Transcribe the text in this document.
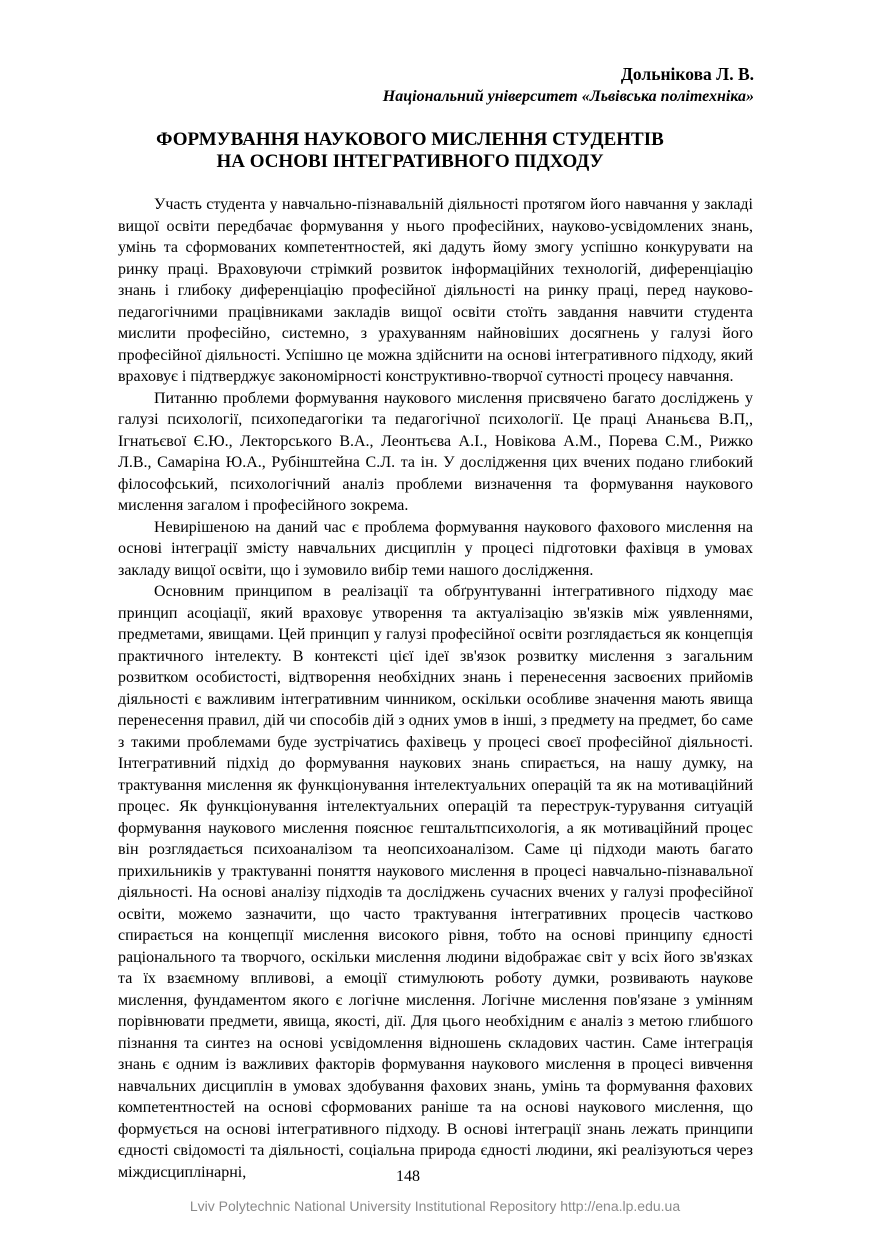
Дольнікова Л. В.
Національний університет «Львівська політехніка»
ФОРМУВАННЯ НАУКОВОГО МИСЛЕННЯ СТУДЕНТІВ
НА ОСНОВІ ІНТЕГРАТИВНОГО ПІДХОДУ

Участь студента у навчально-пізнавальній діяльності протягом його навчання у закладі вищої освіти передбачає формування у нього професійних, науково-усвідомлених знань, умінь та сформованих компетентностей, які дадуть йому змогу успішно конкурувати на ринку праці. Враховуючи стрімкий розвиток інформаційних технологій, диференціацію знань і глибоку диференціацію професійної діяльності на ринку праці, перед науково-педагогічними працівниками закладів вищої освіти стоїть завдання навчити студента мислити професійно, системно, з урахуванням найновіших досягнень у галузі його професійної діяльності. Успішно це можна здійснити на основі інтегративного підходу, який враховує і підтверджує закономірності конструктивно-творчої сутності процесу навчання.

Питанню проблеми формування наукового мислення присвячено багато досліджень у галузі психології, психопедагогіки та педагогічної психології. Це праці Ананьєва В.П,, Ігнатьєвої Є.Ю., Лекторського В.А., Леонтьєва А.І., Новікова А.М., Порева С.М., Рижко Л.В., Самаріна Ю.А., Рубінштейна С.Л. та ін. У дослідження цих вчених подано глибокий філософський, психологічний аналіз проблеми визначення та формування наукового мислення загалом і професійного зокрема.

Невирішеною на даний час є проблема формування наукового фахового мислення на основі інтеграції змісту навчальних дисциплін у процесі підготовки фахівця в умовах закладу вищої освіти, що і зумовило вибір теми нашого дослідження.

Основним принципом в реалізації та обґрунтуванні інтегративного підходу має принцип асоціації, який враховує утворення та актуалізацію зв'язків між уявленнями, предметами, явищами. Цей принцип у галузі професійної освіти розглядається як концепція практичного інтелекту. В контексті цієї ідеї зв'язок розвитку мислення з загальним розвитком особистості, відтворення необхідних знань і перенесення засвоєних прийомів діяльності є важливим інтегративним чинником, оскільки особливе значення мають явища перенесення правил, дій чи способів дій з одних умов в інші, з предмету на предмет, бо саме з такими проблемами буде зустрічатись фахівець у процесі своєї професійної діяльності. Інтегративний підхід до формування наукових знань спирається, на нашу думку, на трактування мислення як функціонування інтелектуальних операцій та як на мотиваційний процес. Як функціонування інтелектуальних операцій та переструк-турування ситуацій формування наукового мислення пояснює гештальтпсихологія, а як мотиваційний процес він розглядається психоаналізом та неопсихоаналізом. Саме ці підходи мають багато прихильників у трактуванні поняття наукового мислення в процесі навчально-пізнавальної діяльності. На основі аналізу підходів та досліджень сучасних вчених у галузі професійної освіти, можемо зазначити, що часто трактування інтегративних процесів частково спирається на концепції мислення високого рівня, тобто на основі принципу єдності раціонального та творчого, оскільки мислення людини відображає світ у всіх його зв'язках та їх взаємному впливові, а емоції стимулюють роботу думки, розвивають наукове мислення, фундаментом якого є логічне мислення. Логічне мислення пов'язане з умінням порівнювати предмети, явища, якості, дії. Для цього необхідним є аналіз з метою глибшого пізнання та синтез на основі усвідомлення відношень складових частин. Саме інтеграція знань є одним із важливих факторів формування наукового мислення в процесі вивчення навчальних дисциплін в умовах здобування фахових знань, умінь та формування фахових компетентностей на основі сформованих раніше та на основі наукового мислення, що формується на основі інтегративного підходу. В основі інтеграції знань лежать принципи єдності свідомості та діяльності, соціальна природа єдності людини, які реалізуються через міждисциплінарні,	148
Lviv Polytechnic National University Institutional Repository http://ena.lp.edu.ua
